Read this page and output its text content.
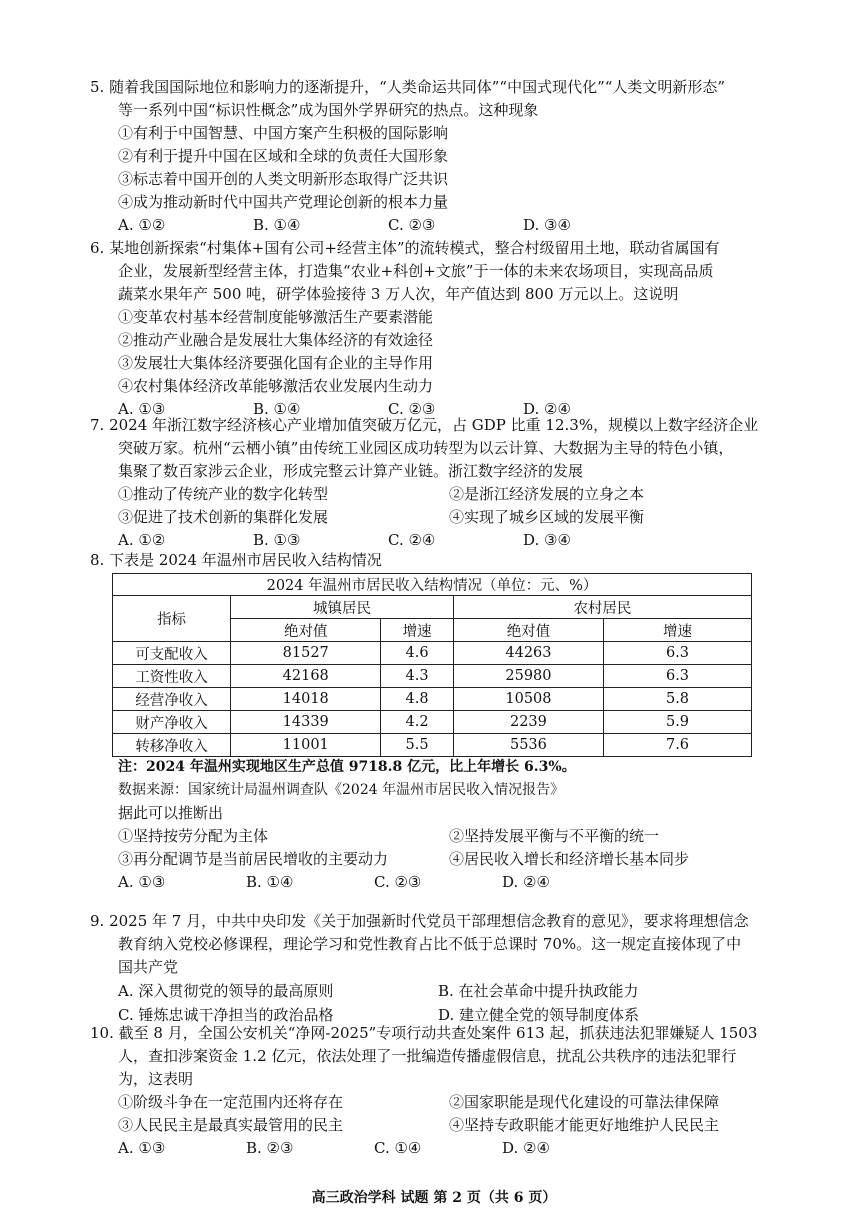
5. 随着我国国际地位和影响力的逐渐提升，“人类命运共同体”“中国式现代化”“人类文明新形态”
等一系列中国“标识性概念”成为国外学界研究的热点。这种现象
①有利于中国智慧、中国方案产生积极的国际影响
②有利于提升中国在区域和全球的负责任大国形象
③标志着中国开创的人类文明新形态取得广泛共识
④成为推动新时代中国共产党理论创新的根本力量
A. ①②	B. ①④	C. ②③	D. ③④
6. 某地创新探索“村集体+国有公司+经营主体”的流转模式，整合村级留用土地，联动省属国有
企业，发展新型经营主体，打造集“农业+科创+文旅”于一体的未来农场项目，实现高品质
蔬菜水果年产 500 吨，研学体验接待 3 万人次，年产值达到 800 万元以上。这说明
①变革农村基本经营制度能够激活生产要素潜能
②推动产业融合是发展壮大集体经济的有效途径
③发展壮大集体经济要强化国有企业的主导作用
④农村集体经济改革能够激活农业发展内生动力
A. ①③	B. ①④	C. ②③	D. ②④
7. 2024 年浙江数字经济核心产业增加值突破万亿元，占 GDP 比重 12.3%，规模以上数字经济企业
突破万家。杭州“云栖小镇”由传统工业园区成功转型为以云计算、大数据为主导的特色小镇，
集聚了数百家涉云企业，形成完整云计算产业链。浙江数字经济的发展
①推动了传统产业的数字化转型	②是浙江经济发展的立身之本
③促进了技术创新的集群化发展	④实现了城乡区域的发展平衡
A. ①②	B. ①③	C. ②④	D. ③④
8. 下表是 2024 年温州市居民收入结构情况
2024 年温州市居民收入结构情况（单位：元、%）				
指标	城镇居民		农村居民	
	绝对值	增速	绝对值	增速
可支配收入	81527	4.6	44263	6.3
工资性收入	42168	4.3	25980	6.3
经营净收入	14018	4.8	10508	5.8
财产净收入	14339	4.2	2239	5.9
转移净收入	11001	5.5	5536	7.6
注：2024 年温州实现地区生产总值 9718.8 亿元，比上年增长 6.3%。
数据来源：国家统计局温州调查队《2024 年温州市居民收入情况报告》
据此可以推断出
①坚持按劳分配为主体	②坚持发展平衡与不平衡的统一
③再分配调节是当前居民增收的主要动力	④居民收入增长和经济增长基本同步
A. ①③	B. ①④	C. ②③	D. ②④
9. 2025 年 7 月，中共中央印发《关于加强新时代党员干部理想信念教育的意见》，要求将理想信念
教育纳入党校必修课程，理论学习和党性教育占比不低于总课时 70%。这一规定直接体现了中
国共产党
A. 深入贯彻党的领导的最高原则	B. 在社会革命中提升执政能力
C. 锤炼忠诚干净担当的政治品格	D. 建立健全党的领导制度体系
10. 截至 8 月，全国公安机关“净网-2025”专项行动共查处案件 613 起，抓获违法犯罪嫌疑人 1503
人，查扣涉案资金 1.2 亿元，依法处理了一批编造传播虚假信息，扰乱公共秩序的违法犯罪行
为，这表明
①阶级斗争在一定范围内还将存在	②国家职能是现代化建设的可靠法律保障
③人民民主是最真实最管用的民主	④坚持专政职能才能更好地维护人民民主
A. ①③	B. ②③	C. ①④	D. ②④
高三政治学科 试题 第 2 页（共 6 页）
